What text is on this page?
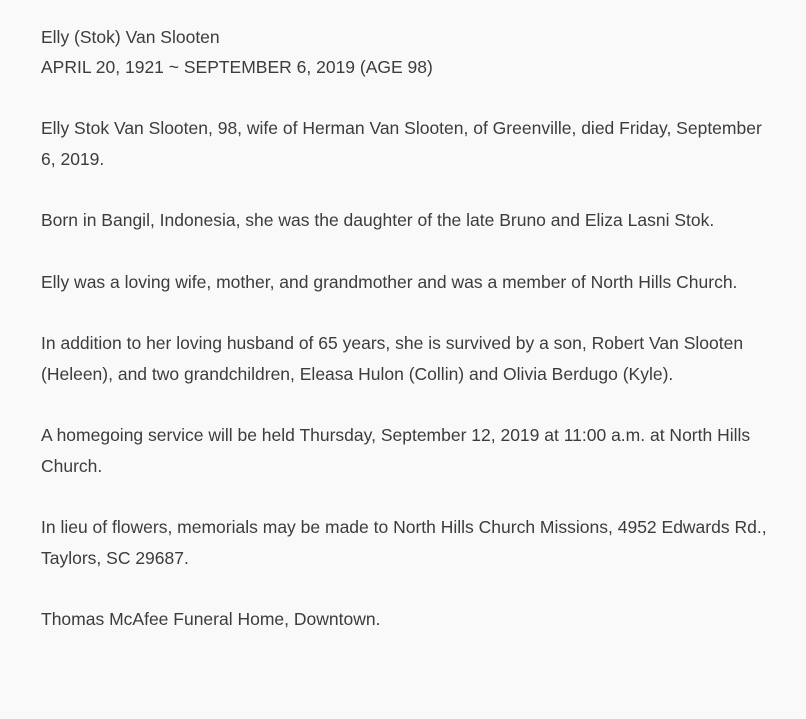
Elly (Stok) Van Slooten

APRIL 20, 1921 ~ SEPTEMBER 6, 2019 (AGE 98)

Elly Stok Van Slooten, 98, wife of Herman Van Slooten, of Greenville, died Friday, September 6, 2019.

Born in Bangil, Indonesia, she was the daughter of the late Bruno and Eliza Lasni Stok.

Elly was a loving wife, mother, and grandmother and was a member of North Hills Church.

In addition to her loving husband of 65 years, she is survived by a son, Robert Van Slooten (Heleen), and two grandchildren, Eleasa Hulon (Collin) and Olivia Berdugo (Kyle).

A homegoing service will be held Thursday, September 12, 2019 at 11:00 a.m. at North Hills Church.

In lieu of flowers, memorials may be made to North Hills Church Missions, 4952 Edwards Rd., Taylors, SC 29687.

Thomas McAfee Funeral Home, Downtown.
